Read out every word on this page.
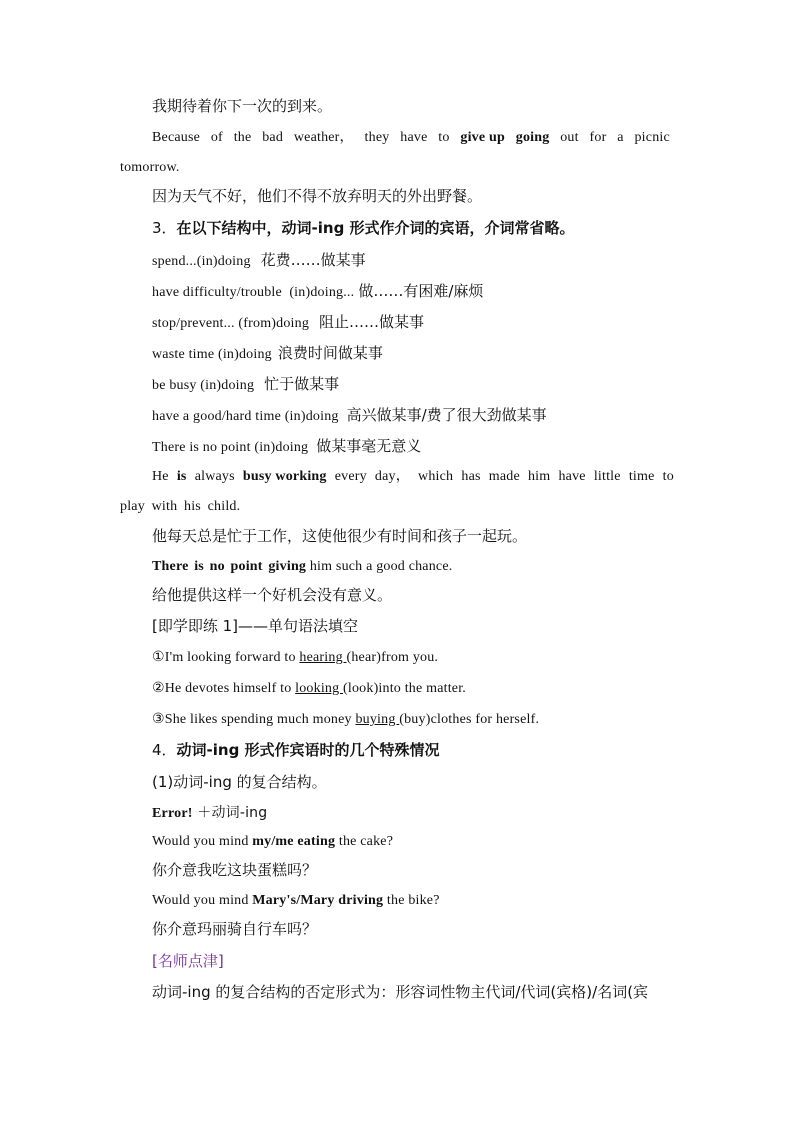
我期待着你下一次的到来。
Because of the bad weather， they have to give up going out for a picnic
tomorrow.
因为天气不好，他们不得不放弃明天的外出野餐。
3．在以下结构中，动词-ing 形式作介词的宾语，介词常省略。
spend...(in)doing 花费……做某事
have difficulty/trouble  (in)doing... 做……有困难/麻烦
stop/prevent... (from)doing 阻止……做某事
waste time (in)doing 浪费时间做某事
be busy (in)doing 忙于做某事
have a good/hard time (in)doing 高兴做某事/费了很大劲做某事
There is no point (in)doing 做某事毫无意义
He is always busy working every day， which has made him have little time to
play with his child.
他每天总是忙于工作，这使他很少有时间和孩子一起玩。
There is no point giving him such a good chance.
给他提供这样一个好机会没有意义。
[即学即练 1]——单句语法填空
①I'm looking forward to hearing (hear)from you.
②He devotes himself to looking (look)into the matter.
③She likes spending much money buying (buy)clothes for herself.
4．动词-ing 形式作宾语时的几个特殊情况
(1)动词-ing 的复合结构。
Error! ＋动词-ing
Would you mind my/me eating the cake?
你介意我吃这块蛋糕吗？
Would you mind Mary's/Mary driving the bike?
你介意玛丽骑自行车吗？
[名师点津]
动词-ing 的复合结构的否定形式为：形容词性物主代词/代词(宾格)/名词(宾
